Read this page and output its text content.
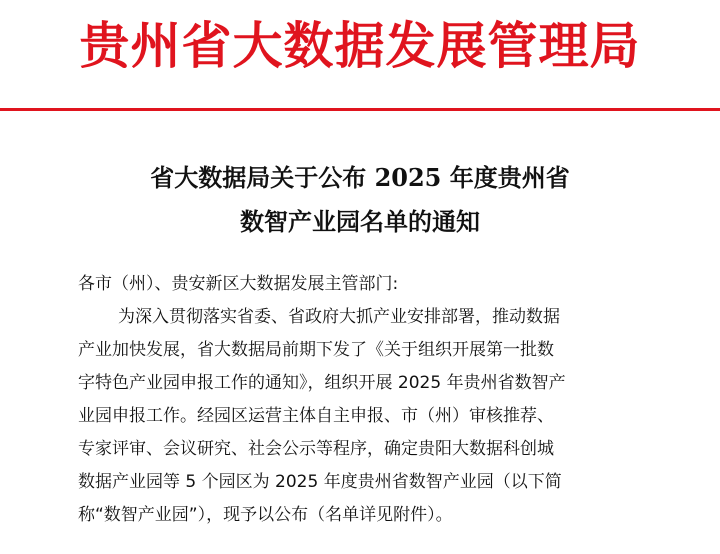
贵州省大数据发展管理局
省大数据局关于公布 2025 年度贵州省
数智产业园名单的通知

各市（州）、贵安新区大数据发展主管部门:

为深入贯彻落实省委、省政府大抓产业安排部署，推动数据

产业加快发展，省大数据局前期下发了《关于组织开展第一批数

字特色产业园申报工作的通知》，组织开展 2025 年贵州省数智产

业园申报工作。经园区运营主体自主申报、市（州）审核推荐、

专家评审、会议研究、社会公示等程序，确定贵阳大数据科创城

数据产业园等 5 个园区为 2025 年度贵州省数智产业园（以下简

称“数智产业园”），现予以公布（名单详见附件）。
